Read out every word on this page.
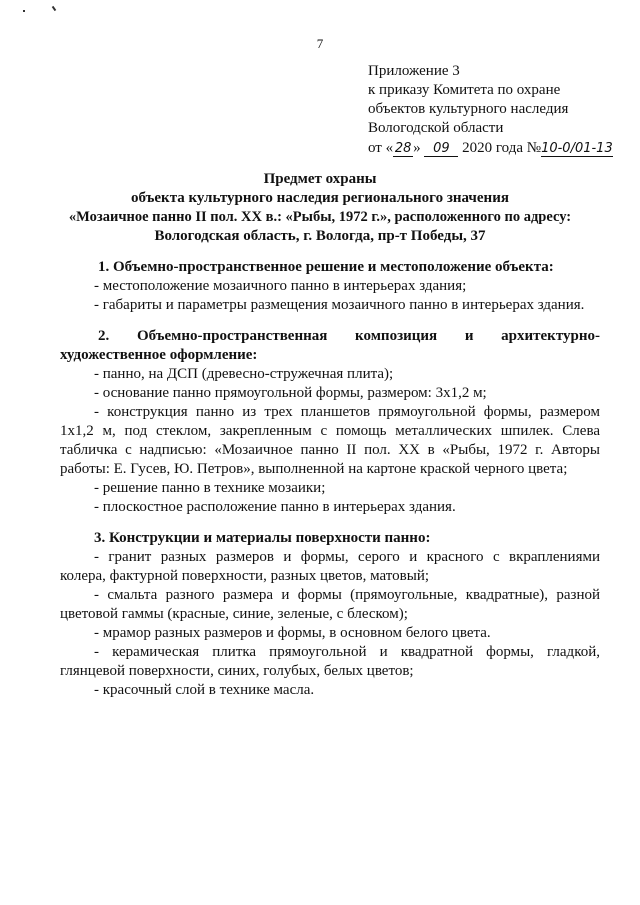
7
Приложение 3
к приказу Комитета по охране
объектов культурного наследия
Вологодской области
от « 28 » 09 2020 года №10-0/01-13
Предмет охраны
объекта культурного наследия регионального значения
«Мозаичное панно II пол. XX в.: «Рыбы, 1972 г.», расположенного по адресу:
Вологодская область, г. Вологда, пр-т Победы, 37
1. Объемно-пространственное решение и местоположение объекта:
- местоположение мозаичного панно в интерьерах здания;
- габариты и параметры размещения мозаичного панно в интерьерах здания.
2. Объемно-пространственная композиция и архитектурно-
художественное оформление:
- панно, на ДСП (древесно-стружечная плита);
- основание панно прямоугольной формы, размером: 3х1,2 м;
- конструкция панно из трех планшетов прямоугольной формы, размером
1х1,2 м, под стеклом, закрепленным с помощь металлических шпилек. Слева
табличка с надписью: «Мозаичное панно II пол. XX в «Рыбы, 1972 г. Авторы
работы: Е. Гусев, Ю. Петров», выполненной на картоне краской черного цвета;
- решение панно в технике мозаики;
- плоскостное расположение панно в интерьерах здания.
3. Конструкции и материалы поверхности панно:
- гранит разных размеров и формы, серого и красного с вкраплениями
колера, фактурной поверхности, разных цветов, матовый;
- смальта разного размера и формы (прямоугольные, квадратные), разной
цветовой гаммы (красные, синие, зеленые, с блеском);
- мрамор разных размеров и формы, в основном белого цвета.
- керамическая плитка прямоугольной и квадратной формы, гладкой,
глянцевой поверхности, синих, голубых, белых цветов;
- красочный слой в технике масла.
